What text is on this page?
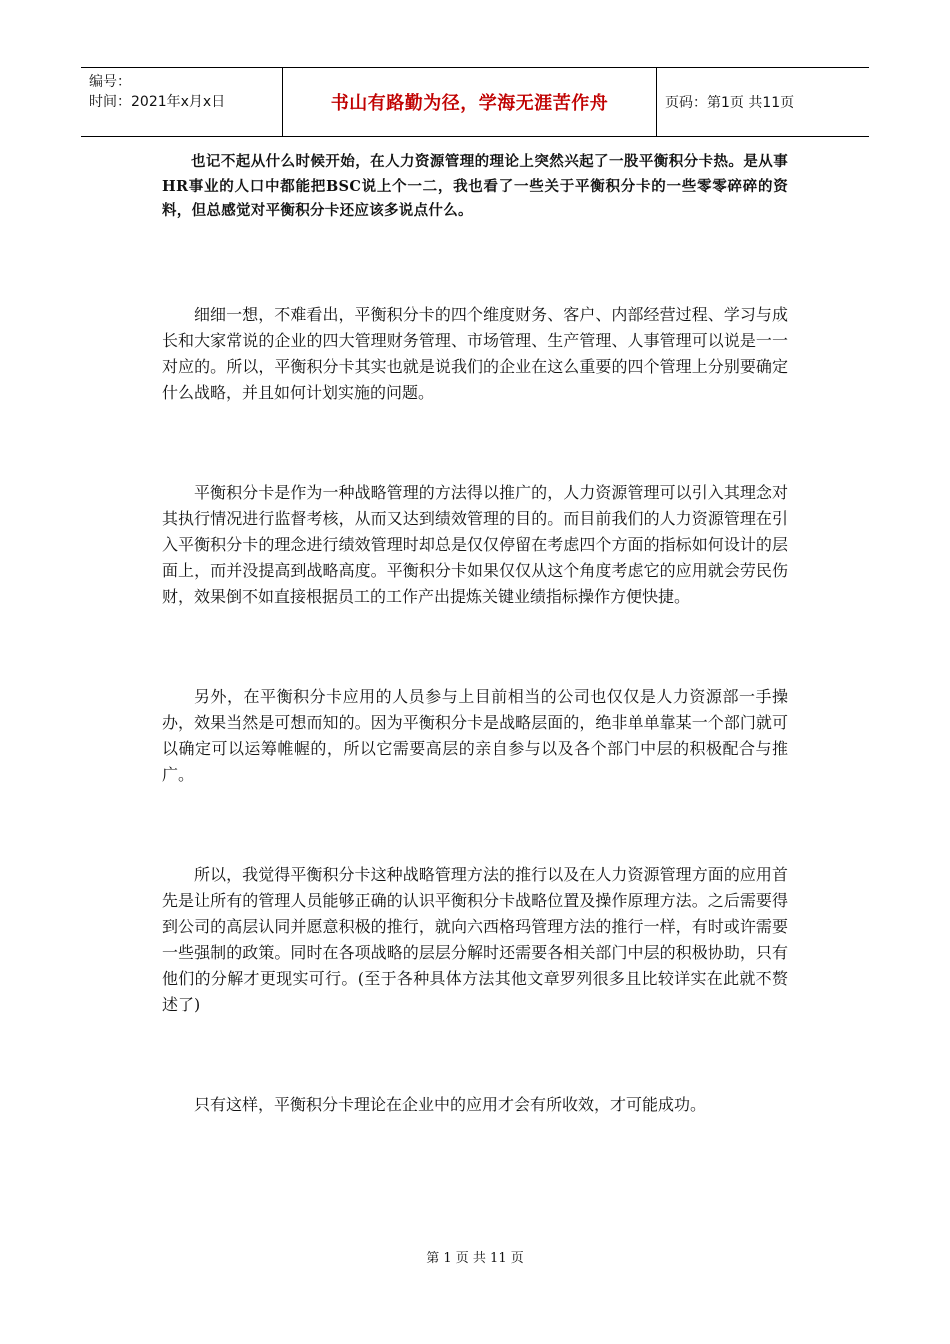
编号：
时间：2021年x月x日	书山有路勤为径，学海无涯苦作舟	页码：第1页 共11页

也记不起从什么时候开始，在人力资源管理的理论上突然兴起了一股平衡积分卡热。是从事HR事业的人口中都能把BSC说上个一二，我也看了一些关于平衡积分卡的一些零零碎碎的资料，但总感觉对平衡积分卡还应该多说点什么。

细细一想，不难看出，平衡积分卡的四个维度财务、客户、内部经营过程、学习与成长和大家常说的企业的四大管理财务管理、市场管理、生产管理、人事管理可以说是一一对应的。所以，平衡积分卡其实也就是说我们的企业在这么重要的四个管理上分别要确定什么战略，并且如何计划实施的问题。

平衡积分卡是作为一种战略管理的方法得以推广的，人力资源管理可以引入其理念对其执行情况进行监督考核，从而又达到绩效管理的目的。而目前我们的人力资源管理在引入平衡积分卡的理念进行绩效管理时却总是仅仅停留在考虑四个方面的指标如何设计的层面上，而并没提高到战略高度。平衡积分卡如果仅仅从这个角度考虑它的应用就会劳民伤财，效果倒不如直接根据员工的工作产出提炼关键业绩指标操作方便快捷。

另外，在平衡积分卡应用的人员参与上目前相当的公司也仅仅是人力资源部一手操办，效果当然是可想而知的。因为平衡积分卡是战略层面的，绝非单单靠某一个部门就可以确定可以运筹帷幄的，所以它需要高层的亲自参与以及各个部门中层的积极配合与推广。

所以，我觉得平衡积分卡这种战略管理方法的推行以及在人力资源管理方面的应用首先是让所有的管理人员能够正确的认识平衡积分卡战略位置及操作原理方法。之后需要得到公司的高层认同并愿意积极的推行，就向六西格玛管理方法的推行一样，有时或许需要一些强制的政策。同时在各项战略的层层分解时还需要各相关部门中层的积极协助，只有他们的分解才更现实可行。(至于各种具体方法其他文章罗列很多且比较详实在此就不赘述了)

只有这样，平衡积分卡理论在企业中的应用才会有所收效，才可能成功。

第 1 页 共 11 页
